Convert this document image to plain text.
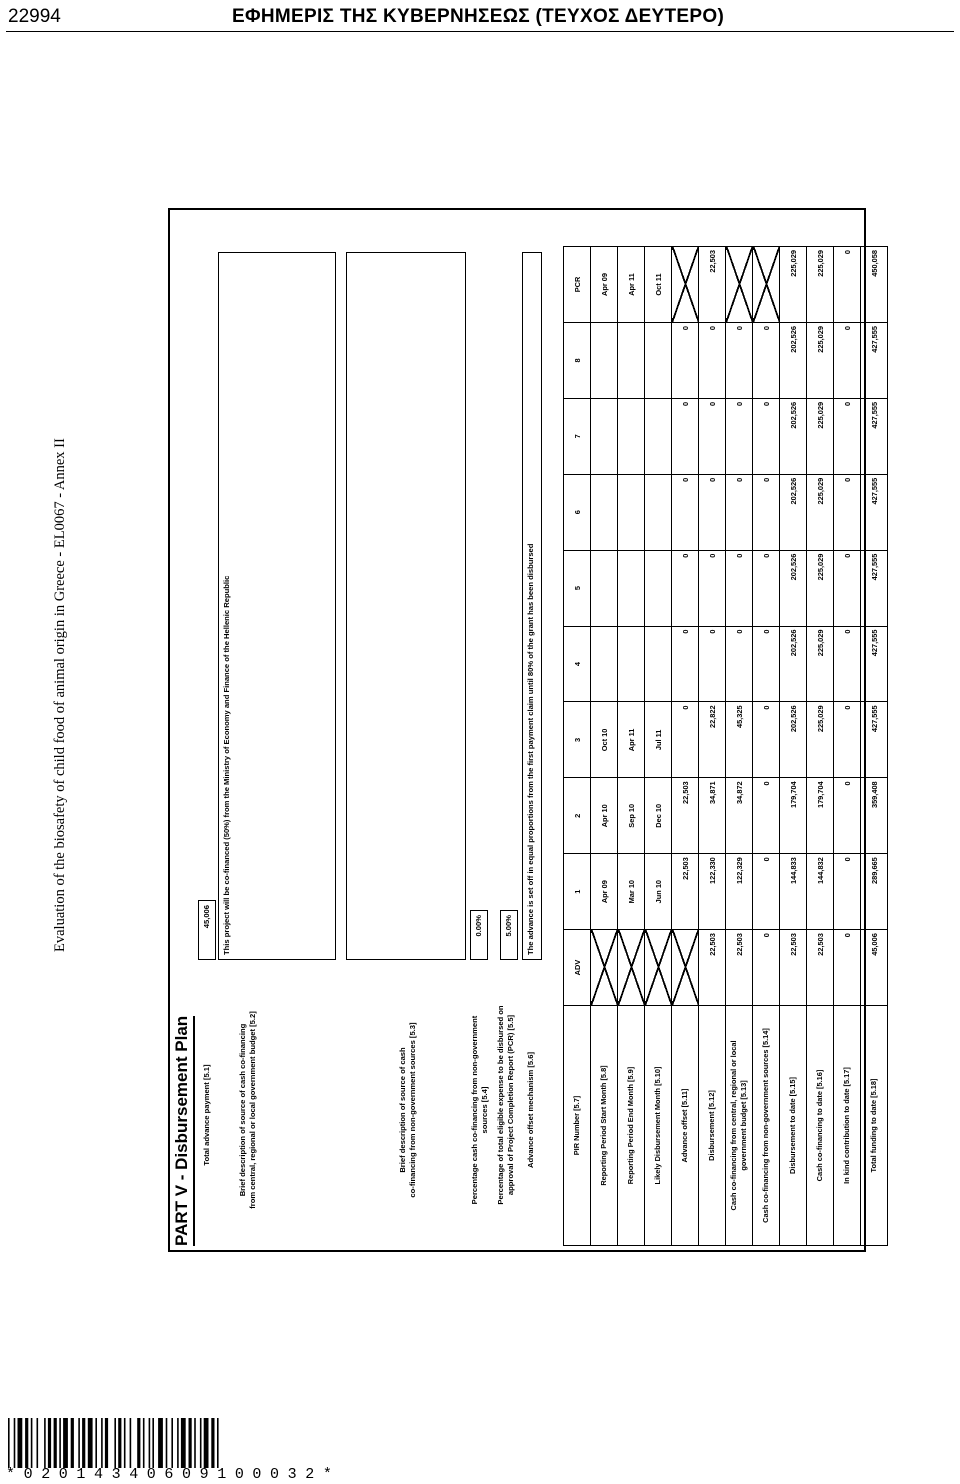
22994	ΕΦΗΜΕΡΙΣ ΤΗΣ ΚΥΒΕΡΝΗΣΕΩΣ (ΤΕΥΧΟΣ ΔΕΥΤΕΡΟ)
Evaluation of the biosafety of child food of animal origin in Greece - EL0067 - Annex II
PART V - Disbursement Plan	Total advance payment [5.1]
45,006
Brief description of source of cash co-financing
from central, regional or local government budget [5.2]
This project will be co-financed (50%) from the Ministry of Economy and Finance of the Hellenic Republic
Brief description of source of cash
co-financing from non-government sources [5.3]
Percentage cash co-financing from non-government
sources [5.4]
0.00%
Percentage of total eligible expense to be disbursed on
approval of Project Completion Report (PCR) [5.5]
5.00%
Advance offset mechanism [5.6]
The advance is set off in equal proportions from the first payment claim until 80% of the grant has been disbursed
PIR Number [5.7]	ADV	1	2	3	4	5	6	7	8	PCR
Reporting Period Start Month [5.8]		Apr 09	Apr 10	Oct 10						Apr 09
Reporting Period End Month [5.9]		Mar 10	Sep 10	Apr 11						Apr 11
Likely Disbursement Month [5.10]		Jun 10	Dec 10	Jul 11						Oct 11
Advance offset [5.11]		22,503	22,503	0	0	0	0	0	0	
Disbursement [5.12]	22,503	122,330	34,871	22,822	0	0	0	0	0	22,503
Cash co-financing from central, regional or local
government budget [5.13]	22,503	122,329	34,872	45,325	0	0	0	0	0	
Cash co-financing from non-government sources [5.14]	0	0	0	0	0	0	0	0	0	
Disbursement to date [5.15]	22,503	144,833	179,704	202,526	202,526	202,526	202,526	202,526	202,526	225,029
Cash co-financing to date [5.16]	22,503	144,832	179,704	225,029	225,029	225,029	225,029	225,029	225,029	225,029
In kind contribution to date [5.17]	0	0	0	0	0	0	0	0	0	0
Total funding to date [5.18]	45,006	289,665	359,408	427,555	427,555	427,555	427,555	427,555	427,555	450,058
*02014340609100032*
